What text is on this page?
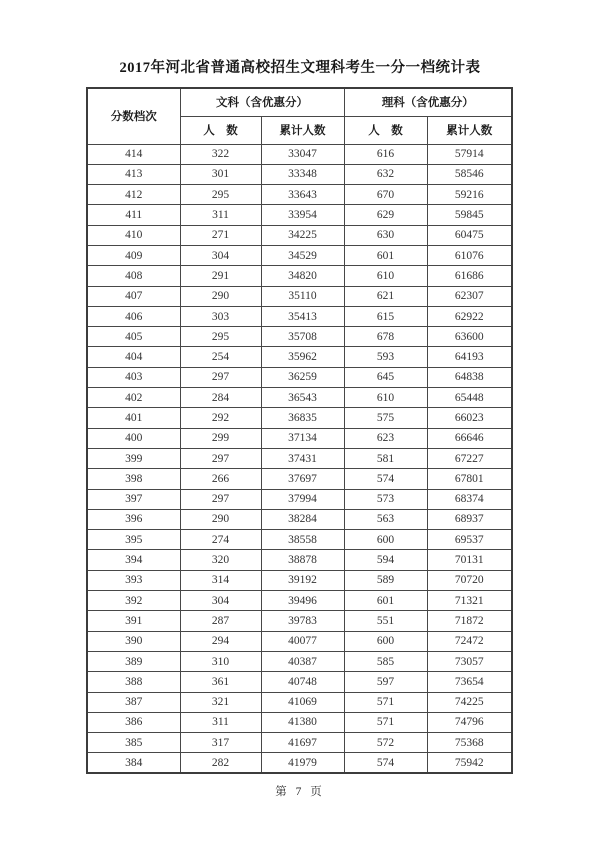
2017年河北省普通高校招生文理科考生一分一档统计表
分数档次	文科（含优惠分）		理科（含优惠分）	
	人　数	累计人数	人　数	累计人数
414	322	33047	616	57914
413	301	33348	632	58546
412	295	33643	670	59216
411	311	33954	629	59845
410	271	34225	630	60475
409	304	34529	601	61076
408	291	34820	610	61686
407	290	35110	621	62307
406	303	35413	615	62922
405	295	35708	678	63600
404	254	35962	593	64193
403	297	36259	645	64838
402	284	36543	610	65448
401	292	36835	575	66023
400	299	37134	623	66646
399	297	37431	581	67227
398	266	37697	574	67801
397	297	37994	573	68374
396	290	38284	563	68937
395	274	38558	600	69537
394	320	38878	594	70131
393	314	39192	589	70720
392	304	39496	601	71321
391	287	39783	551	71872
390	294	40077	600	72472
389	310	40387	585	73057
388	361	40748	597	73654
387	321	41069	571	74225
386	311	41380	571	74796
385	317	41697	572	75368
384	282	41979	574	75942
第 7 页
